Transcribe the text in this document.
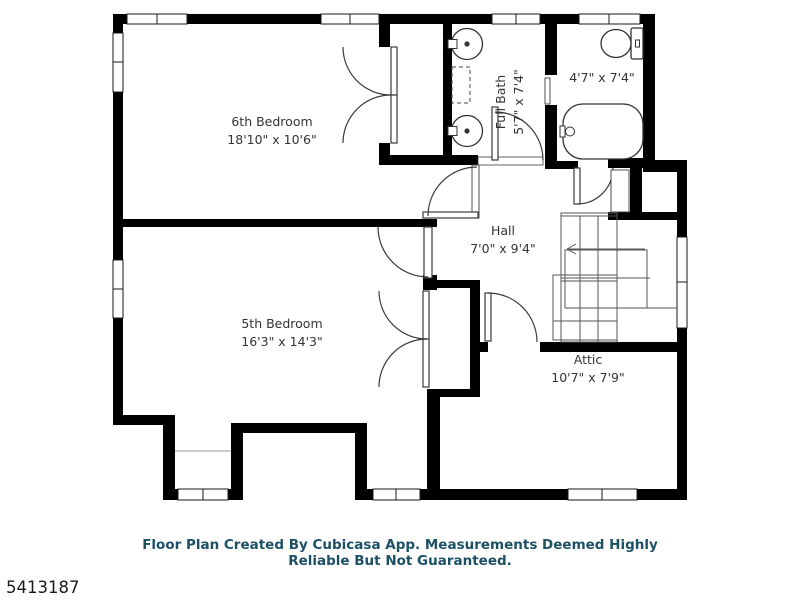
6th Bedroom
18'10" x 10'6"
5th Bedroom
16'3" x 14'3"
Hall
7'0" x 9'4"
Attic
10'7" x 7'9"
Full Bath 5'7" x 7'4"	4'7" x 7'4"
Floor Plan Created By Cubicasa App. Measurements Deemed Highly
Reliable But Not Guaranteed.
5413187
